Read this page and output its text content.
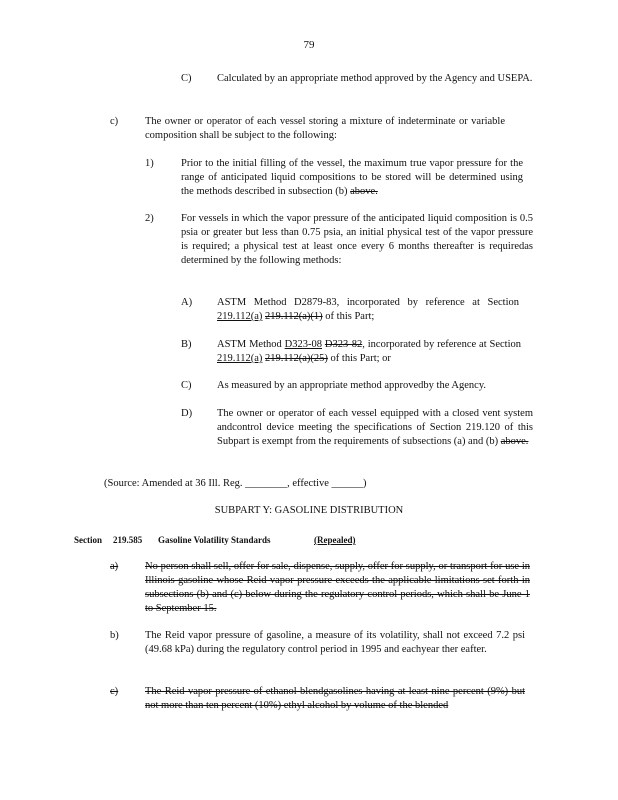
79
C) Calculated by an appropriate method approved by the Agency and USEPA.
c)	The owner or operator of each vessel storing a mixture of indeterminate or variable composition shall be subject to the following:
1)	Prior to the initial filling of the vessel, the maximum true vapor pressure for the range of anticipated liquid compositions to be stored will be determined using the methods described in subsection (b) above.
2)	For vessels in which the vapor pressure of the anticipated liquid composition is 0.5 psia or greater but less than 0.75 psia, an initial physical test of the vapor pressure is required; a physical test at least once every 6 months thereafter is requiredas determined by the following methods:
A) ASTM Method D2879-83, incorporated by reference at Section 219.112(a) 219.112(a)(1) of this Part;
B) ASTM Method D323-08 D323-82, incorporated by reference at Section 219.112(a) 219.112(a)(25) of this Part; or
C) As measured by an appropriate method approvedby the Agency.
D) The owner or operator of each vessel equipped with a closed vent system andcontrol device meeting the specifications of Section 219.120 of this Subpart is exempt from the requirements of subsections (a) and (b) above.
(Source: Amended at 36 Ill. Reg. ________, effective ______)
SUBPART Y: GASOLINE DISTRIBUTION
Section 219.585 Gasoline Volatility Standards	(Repealed)
a)	No person shall sell, offer for sale, dispense, supply, offer for supply, or transport for use in Illinois gasoline whose Reid vapor pressure exceeds the applicable limitations set forth in subsections (b) and (c) below during the regulatory control periods, which shall be June 1 to September 15.
b)	The Reid vapor pressure of gasoline, a measure of its volatility, shall not exceed 7.2 psi (49.68 kPa) during the regulatory control period in 1995 and eachyear ther eafter.
c)	The Reid vapor pressure of ethanol blendgasolines having at least nine percent (9%) but not more than ten percent (10%) ethyl alcohol by volume of the blended
